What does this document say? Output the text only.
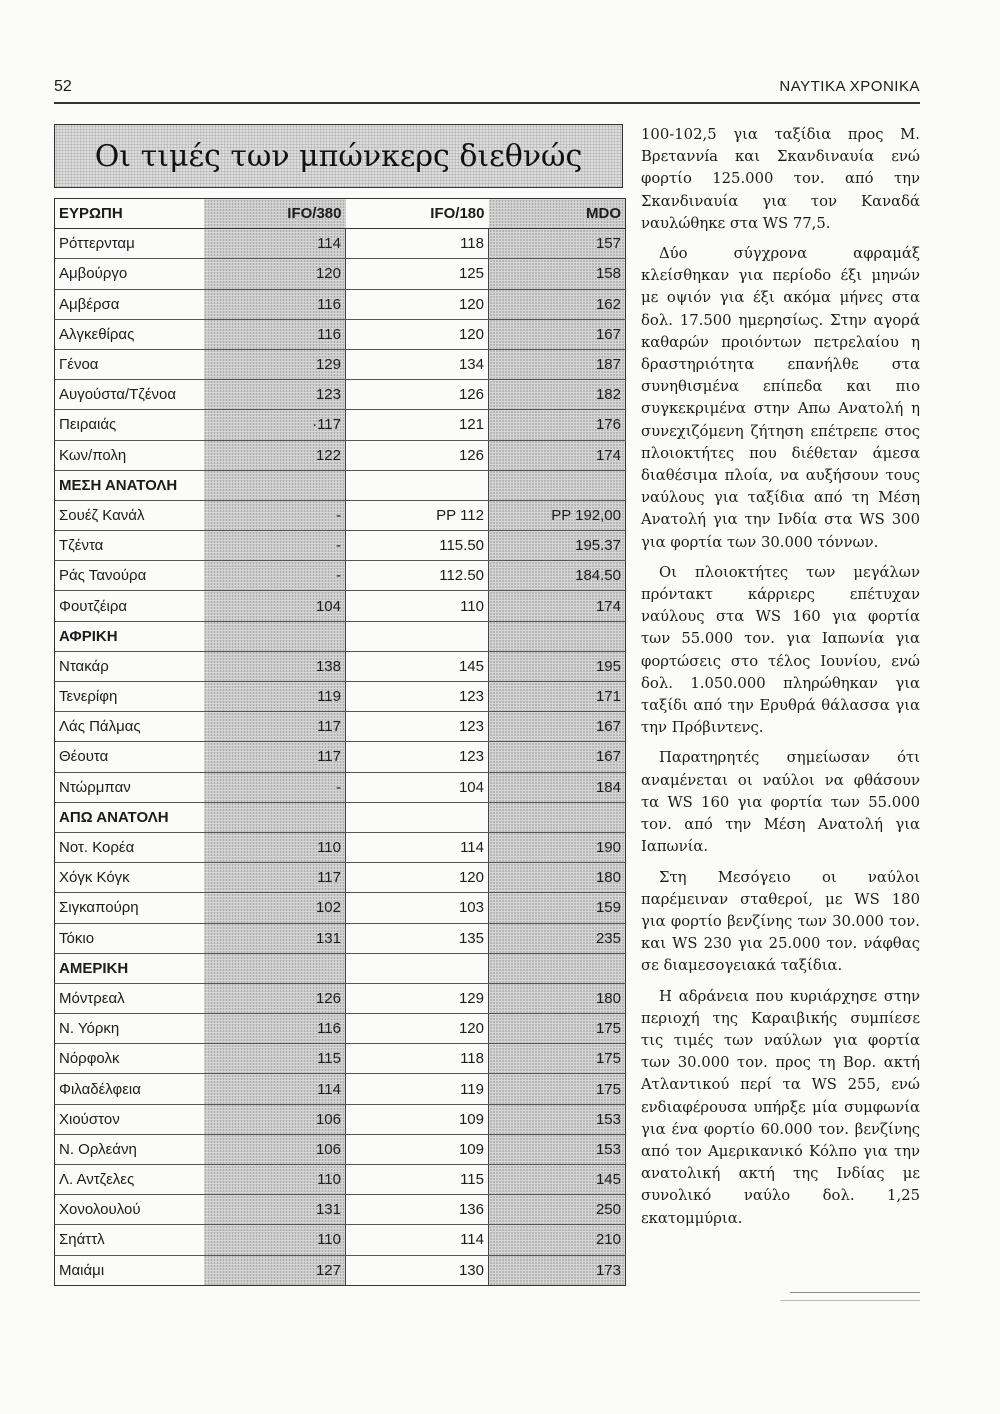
52	ΝΑΥΤΙΚΑ ΧΡΟΝΙΚΑ
Οι τιμές των μπώνκερς διεθνώς
ΕΥΡΩΠΗ	IFO/380	IFO/180	MDO
Ρόττερνταμ	114	118	157
Αμβούργο	120	125	158
Αμβέρσα	116	120	162
Αλγκεθίρας	116	120	167
Γένοα	129	134	187
Αυγούστα/Τζένοα	123	126	182
Πειραιάς	·117	121	176
Κων/πολη	122	126	174
ΜΕΣΗ ΑΝΑΤΟΛΗ			
Σουέζ Κανάλ	-	PP 112	PP 192,00
Τζέντα	-	115.50	195.37
Ράς Τανούρα	-	112.50	184.50
Φουτζέιρα	104	110	174
ΑΦΡΙΚΗ			
Ντακάρ	138	145	195
Τενερίφη	119	123	171
Λάς Πάλμας	117	123	167
Θέουτα	117	123	167
Ντώρμπαν	-	104	184
ΑΠΩ ΑΝΑΤΟΛΗ			
Νοτ. Κορέα	110	114	190
Χόγκ Κόγκ	117	120	180
Σιγκαπούρη	102	103	159
Τόκιο	131	135	235
ΑΜΕΡΙΚΗ			
Μόντρεαλ	126	129	180
Ν. Υόρκη	116	120	175
Νόρφολκ	115	118	175
Φιλαδέλφεια	114	119	175
Χιούστον	106	109	153
Ν. Ορλεάνη	106	109	153
Λ. Αντζελες	110	115	145
Χονολουλού	131	136	250
Σηάττλ	110	114	210
Μαιάμι	127	130	173

100-102,5 για ταξίδια προς Μ. Βρεταννía και Σκανδιναυία ενώ φορτίο 125.000 τον. από την Σκανδιναυία για τον Καναδά ναυλώθηκε στα WS 77,5.

Δύο σύγχρονα αφραμάξ κλείσθηκαν για περίοδο έξι μηνών με οψιόν για έξι ακόμα μήνες στα δολ. 17.500 ημερησίως. Στην αγορά καθαρών προιόντων πετρελαίου η δραστηριότητα επανήλθε στα συνηθισμένα επίπεδα και πιο συγκεκριμένα στην Απω Ανατολή η συνεχιζόμενη ζήτηση επέτρεπε στος πλοιοκτήτες που διέθεταν άμεσα διαθέσιμα πλοία, να αυξήσουν τους ναύλους για ταξίδια από τη Μέση Ανατολή για την Ινδία στα WS 300 για φορτία των 30.000 τόννων.

Οι πλοιοκτήτες των μεγάλων πρόντακτ κάρριερς επέτυχαν ναύλους στα WS 160 για φορτία των 55.000 τον. για Ιαπωνία για φορτώσεις στο τέλος Ιουνίου, ενώ δολ. 1.050.000 πληρώθηκαν για ταξίδι από την Ερυθρά θάλασσα για την Πρόβιντενς.

Παρατηρητές σημείωσαν ότι αναμένεται οι ναύλοι να φθάσουν τα WS 160 για φορτία των 55.000 τον. από την Μέση Ανατολή για Ιαπωνία.

Στη Μεσόγειο οι ναύλοι παρέμειναν σταθεροί, με WS 180 για φορτίο βενζίνης των 30.000 τον. και WS 230 για 25.000 τον. νάφθας σε διαμεσογειακά ταξίδια.

Η αδράνεια που κυριάρχησε στην περιοχή της Καραιβικής συμπίεσε τις τιμές των ναύλων για φορτία των 30.000 τον. προς τη Βορ. ακτή Ατλαντικού περί τα WS 255, ενώ ενδιαφέρουσα υπήρξε μία συμφωνία για ένα φορτίο 60.000 τον. βενζίνης από τον Αμερικανικό Κόλπο για την ανατολική ακτή της Ινδίας με συνολικό ναύλο δολ. 1,25 εκατομμύρια.
